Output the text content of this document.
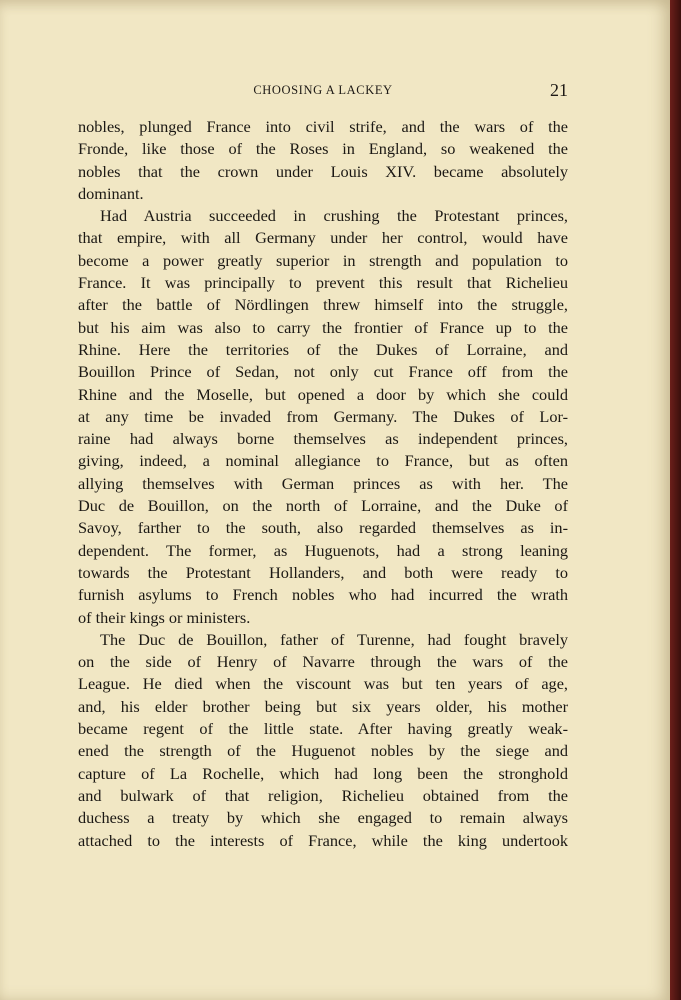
CHOOSING A LACKEY	21

nobles, plunged France into civil strife, and the wars of the
Fronde, like those of the Roses in England, so weakened the
nobles that the crown under Louis XIV. became absolutely
dominant.

Had Austria succeeded in crushing the Protestant princes,
that empire, with all Germany under her control, would have
become a power greatly superior in strength and population to
France. It was principally to prevent this result that Richelieu
after the battle of Nördlingen threw himself into the struggle,
but his aim was also to carry the frontier of France up to the
Rhine. Here the territories of the Dukes of Lorraine, and
Bouillon Prince of Sedan, not only cut France off from the
Rhine and the Moselle, but opened a door by which she could
at any time be invaded from Germany. The Dukes of Lor-
raine had always borne themselves as independent princes,
giving, indeed, a nominal allegiance to France, but as often
allying themselves with German princes as with her. The
Duc de Bouillon, on the north of Lorraine, and the Duke of
Savoy, farther to the south, also regarded themselves as in-
dependent. The former, as Huguenots, had a strong leaning
towards the Protestant Hollanders, and both were ready to
furnish asylums to French nobles who had incurred the wrath
of their kings or ministers.

The Duc de Bouillon, father of Turenne, had fought bravely
on the side of Henry of Navarre through the wars of the
League. He died when the viscount was but ten years of age,
and, his elder brother being but six years older, his mother
became regent of the little state. After having greatly weak-
ened the strength of the Huguenot nobles by the siege and
capture of La Rochelle, which had long been the stronghold
and bulwark of that religion, Richelieu obtained from the
duchess a treaty by which she engaged to remain always
attached to the interests of France, while the king undertook
